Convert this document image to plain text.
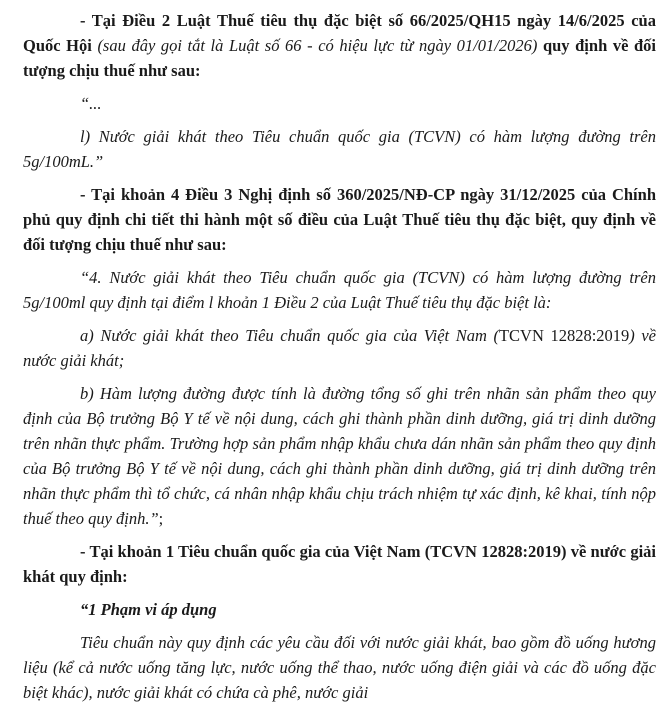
- Tại Điều 2 Luật Thuế tiêu thụ đặc biệt số 66/2025/QH15 ngày 14/6/2025 của Quốc Hội (sau đây gọi tắt là Luật số 66 - có hiệu lực từ ngày 01/01/2026) quy định về đối tượng chịu thuế như sau:

“...

l) Nước giải khát theo Tiêu chuẩn quốc gia (TCVN) có hàm lượng đường trên 5g/100mL.”

- Tại khoản 4 Điều 3 Nghị định số 360/2025/NĐ-CP ngày 31/12/2025 của Chính phủ quy định chi tiết thi hành một số điều của Luật Thuế tiêu thụ đặc biệt, quy định về đối tượng chịu thuế như sau:

“4. Nước giải khát theo Tiêu chuẩn quốc gia (TCVN) có hàm lượng đường trên 5g/100ml quy định tại điểm l khoản 1 Điều 2 của Luật Thuế tiêu thụ đặc biệt là:

a) Nước giải khát theo Tiêu chuẩn quốc gia của Việt Nam (TCVN 12828:2019) về nước giải khát;

b) Hàm lượng đường được tính là đường tổng số ghi trên nhãn sản phẩm theo quy định của Bộ trưởng Bộ Y tế về nội dung, cách ghi thành phần dinh dưỡng, giá trị dinh dưỡng trên nhãn thực phẩm. Trường hợp sản phẩm nhập khẩu chưa dán nhãn sản phẩm theo quy định của Bộ trưởng Bộ Y tế về nội dung, cách ghi thành phần dinh dưỡng, giá trị dinh dưỡng trên nhãn thực phẩm thì tổ chức, cá nhân nhập khẩu chịu trách nhiệm tự xác định, kê khai, tính nộp thuế theo quy định.”;

- Tại khoản 1 Tiêu chuẩn quốc gia của Việt Nam (TCVN 12828:2019) về nước giải khát quy định:

“1 Phạm vi áp dụng

Tiêu chuẩn này quy định các yêu cầu đối với nước giải khát, bao gồm đồ uống hương liệu (kể cả nước uống tăng lực, nước uống thể thao, nước uống điện giải và các đồ uống đặc biệt khác), nước giải khát có chứa cà phê, nước giải
